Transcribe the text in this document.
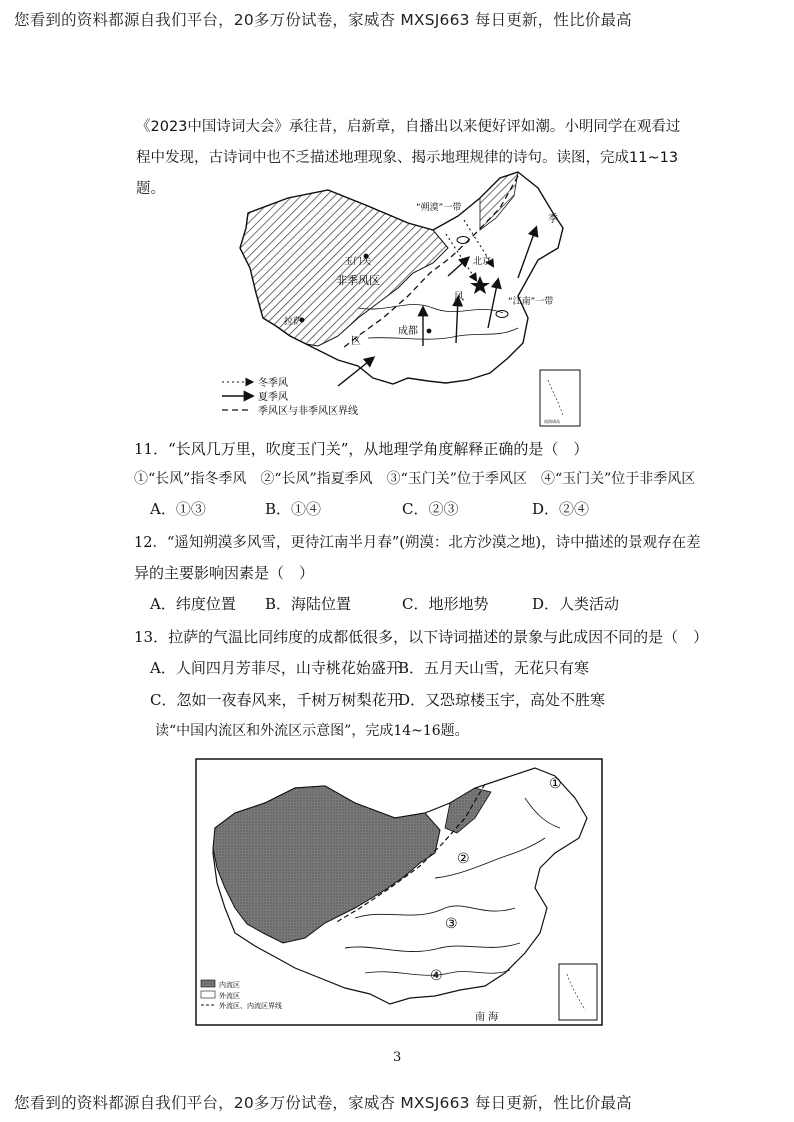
您看到的资料都源自我们平台，20多万份试卷，家威杏 MXSJ663 每日更新，性比价最高
《2023中国诗词大会》承往昔，启新章，自播出以来便好评如潮。小明同学在观看过
程中发现，古诗词中也不乏描述地理现象、揭示地理规律的诗句。读图，完成11~13题。
“朔漠”一带
玉门关
非季风区
拉萨
北京
成都
“江南”一带
季
风
区
南海诸岛
冬季风
夏季风
季风区与非季风区界线
11．“长风几万里，吹度玉门关”，从地理学角度解释正确的是（　）
①“长风”指冬季风　②“长风”指夏季风　③“玉门关”位于季风区　④“玉门关”位于非季风区
A．①③	B．①④	C．②③	D．②④
12．“遥知朔漠多风雪，更待江南半月春”(朔漠：北方沙漠之地)，诗中描述的景观存在差
异的主要影响因素是（　）
A．纬度位置 B．海陆位置	C．地形地势	D．人类活动
13．拉萨的气温比同纬度的成都低很多，以下诗词描述的景象与此成因不同的是（　）
A．人间四月芳菲尽，山寺桃花始盛开
B．五月天山雪，无花只有寒
C．忽如一夜春风来，千树万树梨花开
D．又恐琼楼玉宇，高处不胜寒
读“中国内流区和外流区示意图”，完成14~16题。
①
②
③
④
南 海
内流区
外流区
外流区、内流区界线
3
您看到的资料都源自我们平台，20多万份试卷，家威杏 MXSJ663 每日更新，性比价最高
